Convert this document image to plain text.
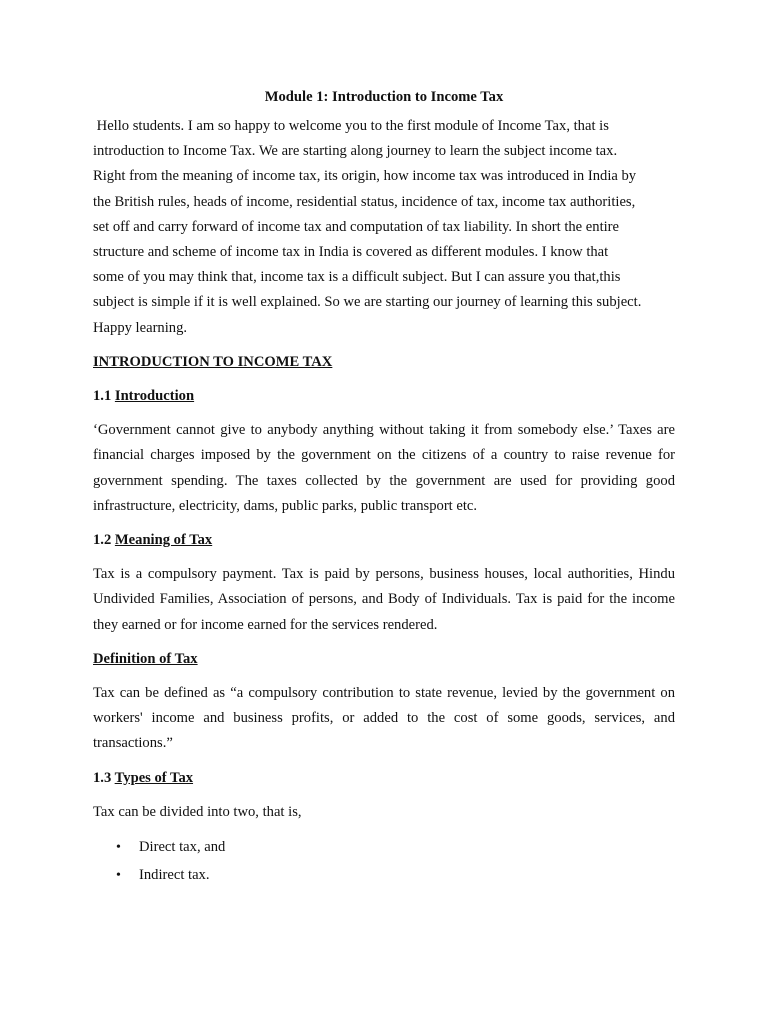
Module 1: Introduction to Income Tax
Hello students. I am so happy to welcome you to the first module of Income Tax, that is
introduction to Income Tax. We are starting along journey to learn the subject income tax.
Right from the meaning of income tax, its origin, how income tax was introduced in India by
the British rules, heads of income, residential status, incidence of tax, income tax authorities,
set off and carry forward of income tax and computation of tax liability. In short the entire
structure and scheme of income tax in India is covered as different modules. I know that
some of you may think that, income tax is a difficult subject. But I can assure you that,this
subject is simple if it is well explained. So we are starting our journey of learning this subject.
Happy learning.
INTRODUCTION TO INCOME TAX
1.1 Introduction

‘Government cannot give to anybody anything without taking it from somebody else.’ Taxes are financial charges imposed by the government on the citizens of a country to raise revenue for government spending. The taxes collected by the government are used for providing good infrastructure, electricity, dams, public parks, public transport etc.

1.2 Meaning of Tax

Tax is a compulsory payment. Tax is paid by persons, business houses, local authorities, Hindu Undivided Families, Association of persons, and Body of Individuals. Tax is paid for the income they earned or for income earned for the services rendered.

Definition of Tax

Tax can be defined as “a compulsory contribution to state revenue, levied by the government on workers' income and business profits, or added to the cost of some goods, services, and transactions.”

1.3 Types of Tax

Tax can be divided into two, that is,

• Direct tax, and
• Indirect tax.
